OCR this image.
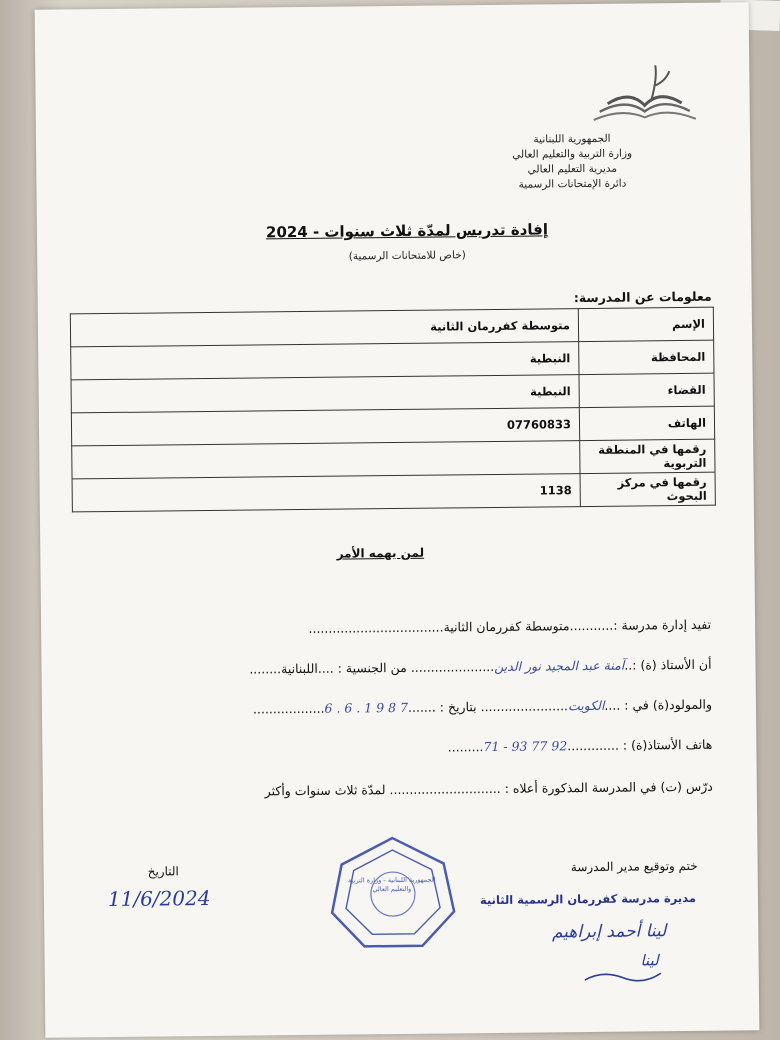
الجمهورية اللبنانية
وزارة التربية والتعليم العالي
مديرية التعليم العالي
دائرة الإمتحانات الرسمية
إفادة تدريس لمدّة ثلاث سنوات - 2024
(خاص للامتحانات الرسمية)
معلومات عن المدرسة:
الإسم	متوسطة كفررمان الثانية
المحافظة	النبطية
القضاء	النبطية
الهاتف	07760833
رقمها في المنطقة التربوية	
رقمها في مركز البحوث	1138
لمن يهمه الأمر
تفيد إدارة مدرسة :...........متوسطة كفررمان الثانية..................................
أن الأستاذ (ة) :..آمنة عبد المجيد نور الدين..................... من الجنسية : ....اللبنانية........
والمولود(ة) في : ....الكويت...................... بتاريخ : .......6 . 6 . 1 9 8 7..................
هاتف الأستاذ(ة) : .............71 - 93 77 92.........
درّس (ت) في المدرسة المذكورة أعلاه : ............................ لمدّة ثلاث سنوات وأكثر
الجمهورية اللبنانية - وزارة التربية والتعليم العالي
ختم وتوقيع مدير المدرسة
مديرة مدرسة كفررمان الرسمية الثانية
لينا أحمد إبراهيم
لينا
التاريخ
11/6/2024
